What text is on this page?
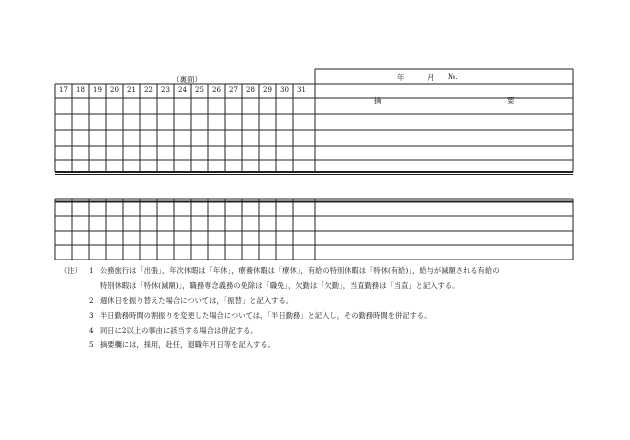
（裏面）	年	月 №.
摘	要
17	18	19	20	21	22	23	24	25	26	27	28	29	30	31
（注） 1 公務旅行は「出張」，年次休暇は「年休」，療養休暇は「療休」，有給の特別休暇は「特休(有給)」，給与が減額される有給の
特別休暇は「特休(減額)」，職務専念義務の免除は「職免」，欠勤は「欠勤」，当直勤務は「当直」と記入する。
2 週休日を振り替えた場合については，「振替」と記入する。
3 半日勤務時間の割振りを変更した場合については，「半日勤務」と記入し，その勤務時間を併記する。
4 同日に2以上の事由に該当する場合は併記する。
5 摘要欄には，採用，赴任，退職年月日等を記入する。
